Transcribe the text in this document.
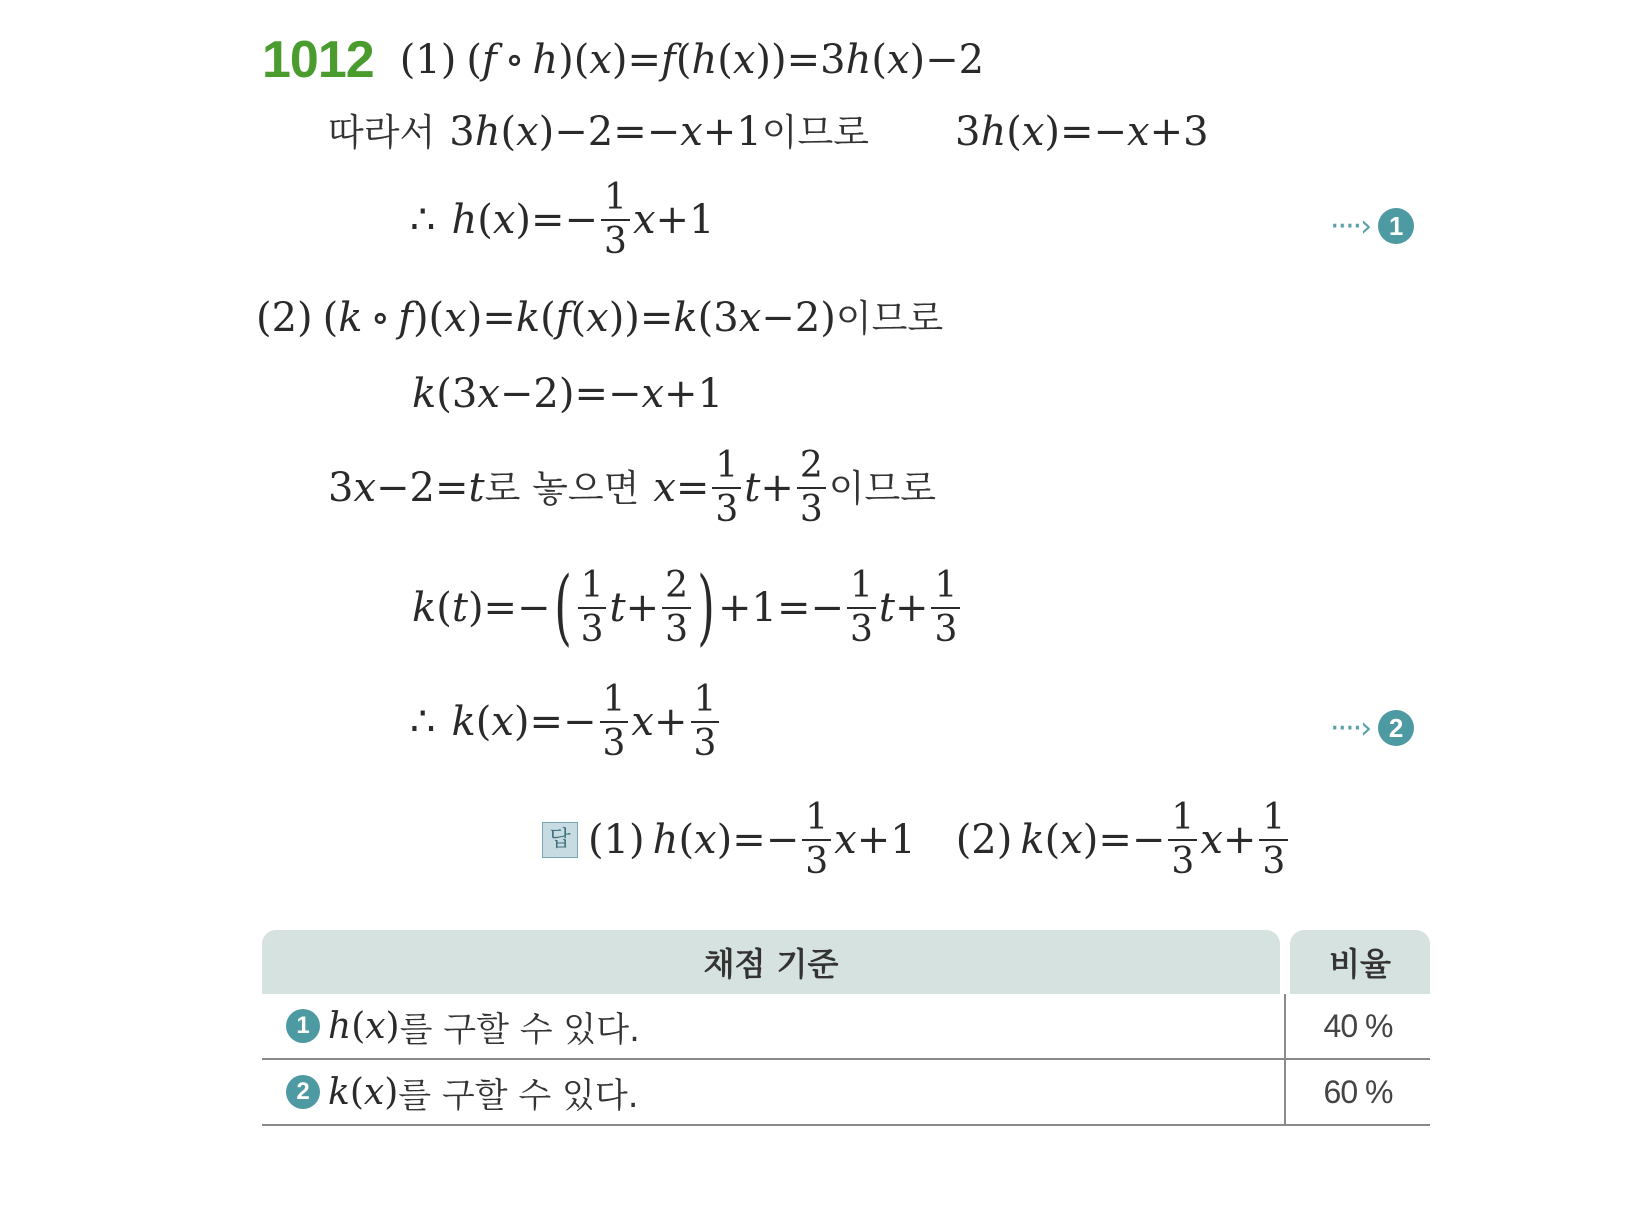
1012 (1) (f ∘ h)(x)=f(h(x))=3h(x)−2
따라서 3h(x)−2=−x+1 이므로 3h(x)=−x+3
∴ $h(x)=- \frac{1}{3} x+1$	····› 1
(2) (k ∘ f)(x)=k(f(x))=k(3x−2) 이므로
k(3x−2)=−x+1
3x−2=t 로 놓으면 $x= \frac{1}{3} t+ \frac{2}{3}$ 이므로
k(t)=− ( $\frac{1}{3} t+ \frac{2}{3}$ ) $+1=- \frac{1}{3} t+ \frac{1}{3}$
∴ $k(x)=- \frac{1}{3} x+ \frac{1}{3}$	····› 2
답 (1) $h(x)=- \frac{1}{3} x+1$ (2) $k(x)=- \frac{1}{3} x+ \frac{1}{3}$
채점 기준	비율
1 h(x) 를 구할 수 있다.	40 %
2 k(x) 를 구할 수 있다.	60 %
